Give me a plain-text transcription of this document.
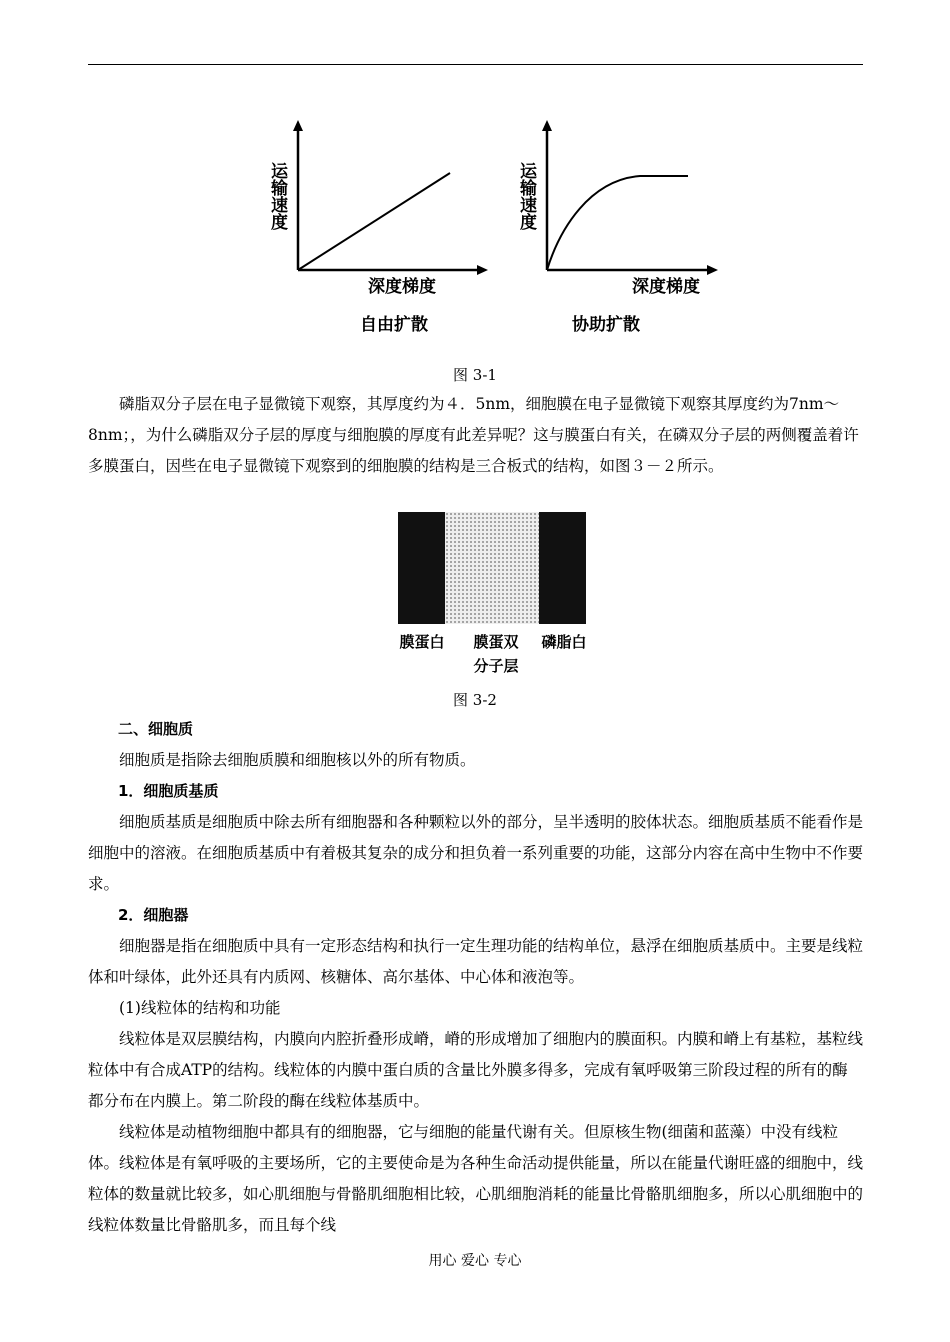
运输速度
深度梯度
自由扩散
运输速度
深度梯度
协助扩散
图 3-1

磷脂双分子层在电子显微镜下观察，其厚度约为４．5nm，细胞膜在电子显微镜下观察其厚度约为7nm～8nm；，为什么磷脂双分子层的厚度与细胞膜的厚度有此差异呢？这与膜蛋白有关，在磷双分子层的两侧覆盖着许多膜蛋白，因些在电子显微镜下观察到的细胞膜的结构是三合板式的结构，如图３－２所示。

膜蛋白	膜蛋双
分子层
磷脂白
图 3-2

二、细胞质

细胞质是指除去细胞质膜和细胞核以外的所有物质。

1．细胞质基质

细胞质基质是细胞质中除去所有细胞器和各种颗粒以外的部分，呈半透明的胶体状态。细胞质基质不能看作是细胞中的溶液。在细胞质基质中有着极其复杂的成分和担负着一系列重要的功能，这部分内容在高中生物中不作要求。

2．细胞器

细胞器是指在细胞质中具有一定形态结构和执行一定生理功能的结构单位，悬浮在细胞质基质中。主要是线粒体和叶绿体，此外还具有内质网、核糖体、高尔基体、中心体和液泡等。

(1)线粒体的结构和功能

线粒体是双层膜结构，内膜向内腔折叠形成嵴，嵴的形成增加了细胞内的膜面积。内膜和嵴上有基粒，基粒线粒体中有合成ATP的结构。线粒体的内膜中蛋白质的含量比外膜多得多，完成有氧呼吸第三阶段过程的所有的酶都分布在内膜上。第二阶段的酶在线粒体基质中。

线粒体是动植物细胞中都具有的细胞器，它与细胞的能量代谢有关。但原核生物(细菌和蓝藻）中没有线粒体。线粒体是有氧呼吸的主要场所，它的主要使命是为各种生命活动提供能量，所以在能量代谢旺盛的细胞中，线粒体的数量就比较多，如心肌细胞与骨骼肌细胞相比较，心肌细胞消耗的能量比骨骼肌细胞多，所以心肌细胞中的线粒体数量比骨骼肌多，而且每个线

用心 爱心 专心
